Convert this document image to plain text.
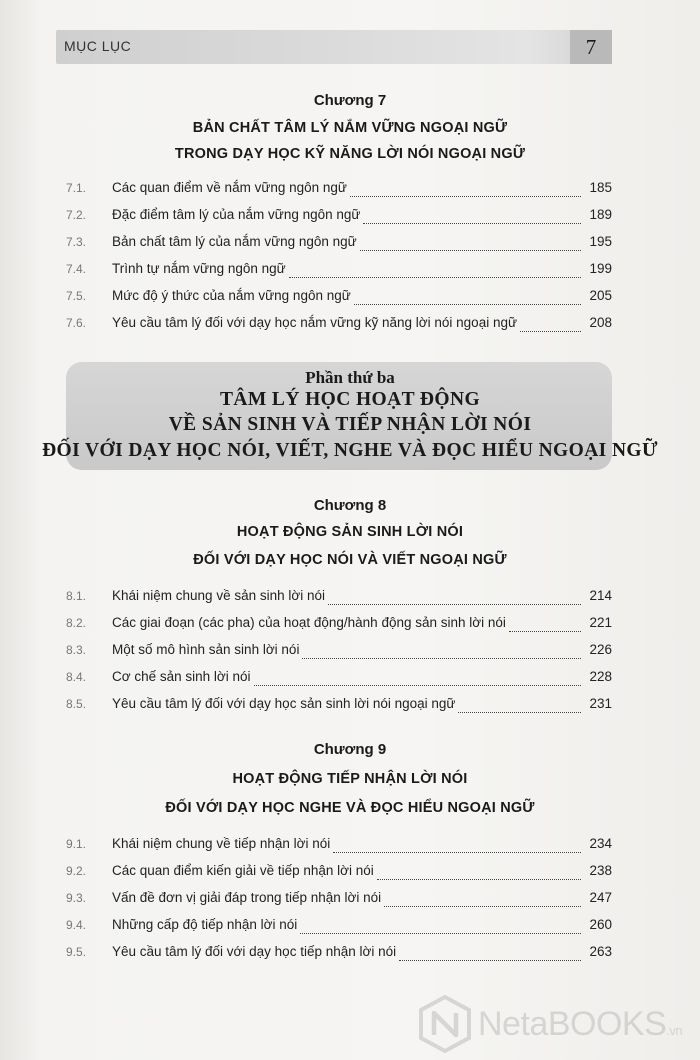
MỤC LỤC	7
Chương 7
BẢN CHẤT TÂM LÝ NẮM VỮNG NGOẠI NGỮ
TRONG DẠY HỌC KỸ NĂNG LỜI NÓI NGOẠI NGỮ
7.1.	Các quan điểm về nắm vững ngôn ngữ	185
7.2.	Đặc điểm tâm lý của nắm vững ngôn ngữ	189
7.3.	Bản chất tâm lý của nắm vững ngôn ngữ	195
7.4.	Trình tự nắm vững ngôn ngữ	199
7.5.	Mức độ ý thức của nắm vững ngôn ngữ	205
7.6.	Yêu cầu tâm lý đối với dạy học nắm vững kỹ năng lời nói ngoại ngữ	208
Phần thứ ba
TÂM LÝ HỌC HOẠT ĐỘNG
VỀ SẢN SINH VÀ TIẾP NHẬN LỜI NÓI
ĐỐI VỚI DẠY HỌC NÓI, VIẾT, NGHE VÀ ĐỌC HIỂU NGOẠI NGỮ
Chương 8
HOẠT ĐỘNG SẢN SINH LỜI NÓI
ĐỐI VỚI DẠY HỌC NÓI VÀ VIẾT NGOẠI NGỮ
8.1.	Khái niệm chung về sản sinh lời nói	214
8.2.	Các giai đoạn (các pha) của hoạt động/hành động sản sinh lời nói	221
8.3.	Một số mô hình sản sinh lời nói	226
8.4.	Cơ chế sản sinh lời nói	228
8.5.	Yêu cầu tâm lý đối với dạy học sản sinh lời nói ngoại ngữ	231
Chương 9
HOẠT ĐỘNG TIẾP NHẬN LỜI NÓI
ĐỐI VỚI DẠY HỌC NGHE VÀ ĐỌC HIỂU NGOẠI NGỮ
9.1.	Khái niệm chung về tiếp nhận lời nói	234
9.2.	Các quan điểm kiến giải về tiếp nhận lời nói	238
9.3.	Vấn đề đơn vị giải đáp trong tiếp nhận lời nói	247
9.4.	Những cấp độ tiếp nhận lời nói	260
9.5.	Yêu cầu tâm lý đối với dạy học tiếp nhận lời nói	263
NetaBOOKS.vn
